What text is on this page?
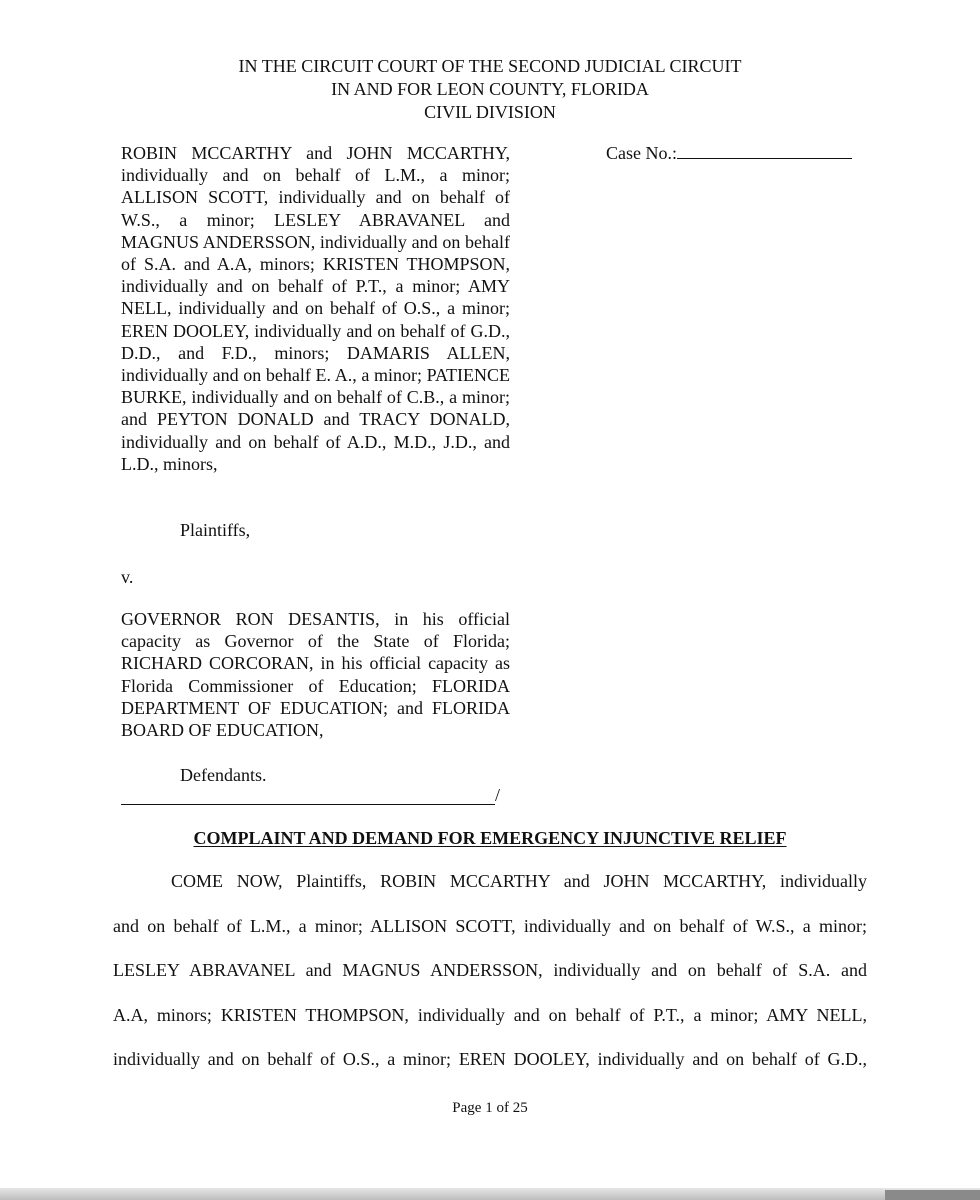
IN THE CIRCUIT COURT OF THE SECOND JUDICIAL CIRCUIT
IN AND FOR LEON COUNTY, FLORIDA
CIVIL DIVISION

ROBIN MCCARTHY and JOHN MCCARTHY, individually and on behalf of L.M., a minor; ALLISON SCOTT, individually and on behalf of W.S., a minor; LESLEY ABRAVANEL and MAGNUS ANDERSSON, individually and on behalf of S.A. and A.A, minors; KRISTEN THOMPSON, individually and on behalf of P.T., a minor; AMY NELL, individually and on behalf of O.S., a minor; EREN DOOLEY, individually and on behalf of G.D., D.D., and F.D., minors; DAMARIS ALLEN, individually and on behalf E. A., a minor; PATIENCE BURKE, individually and on behalf of C.B., a minor; and PEYTON DONALD and TRACY DONALD, individually and on behalf of A.D., M.D., J.D., and L.D., minors,

Plaintiffs,
v.

GOVERNOR RON DESANTIS, in his official capacity as Governor of the State of Florida; RICHARD CORCORAN, in his official capacity as Florida Commissioner of Education; FLORIDA DEPARTMENT OF EDUCATION; and FLORIDA BOARD OF EDUCATION,

Defendants.
/
Case No.:
COMPLAINT AND DEMAND FOR EMERGENCY INJUNCTIVE RELIEF
COME NOW, Plaintiffs, ROBIN MCCARTHY and JOHN MCCARTHY, individually
and on behalf of L.M., a minor; ALLISON SCOTT, individually and on behalf of W.S., a minor;
LESLEY ABRAVANEL and MAGNUS ANDERSSON, individually and on behalf of S.A. and
A.A, minors; KRISTEN THOMPSON, individually and on behalf of P.T., a minor; AMY NELL,
individually and on behalf of O.S., a minor; EREN DOOLEY, individually and on behalf of G.D.,
Page 1 of 25
